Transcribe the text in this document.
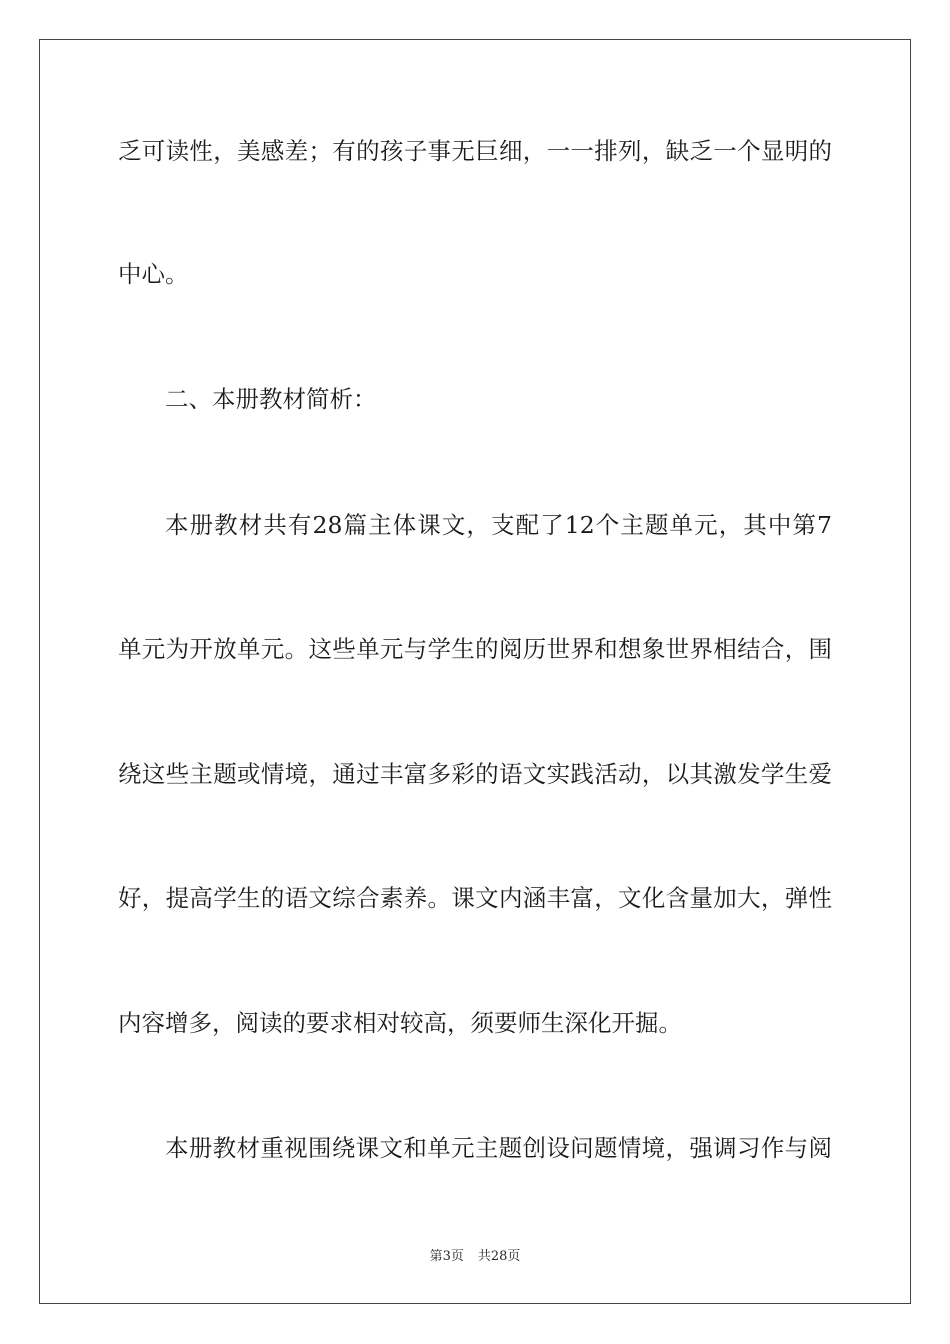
乏可读性，美感差；有的孩子事无巨细，一一排列，缺乏一个显明的
中心。
二、本册教材简析：
本册教材共有28篇主体课文，支配了12个主题单元，其中第7
单元为开放单元。这些单元与学生的阅历世界和想象世界相结合，围
绕这些主题或情境，通过丰富多彩的语文实践活动，以其激发学生爱
好，提高学生的语文综合素养。课文内涵丰富，文化含量加大，弹性
内容增多，阅读的要求相对较高，须要师生深化开掘。
本册教材重视围绕课文和单元主题创设问题情境，强调习作与阅
第3页 共28页
